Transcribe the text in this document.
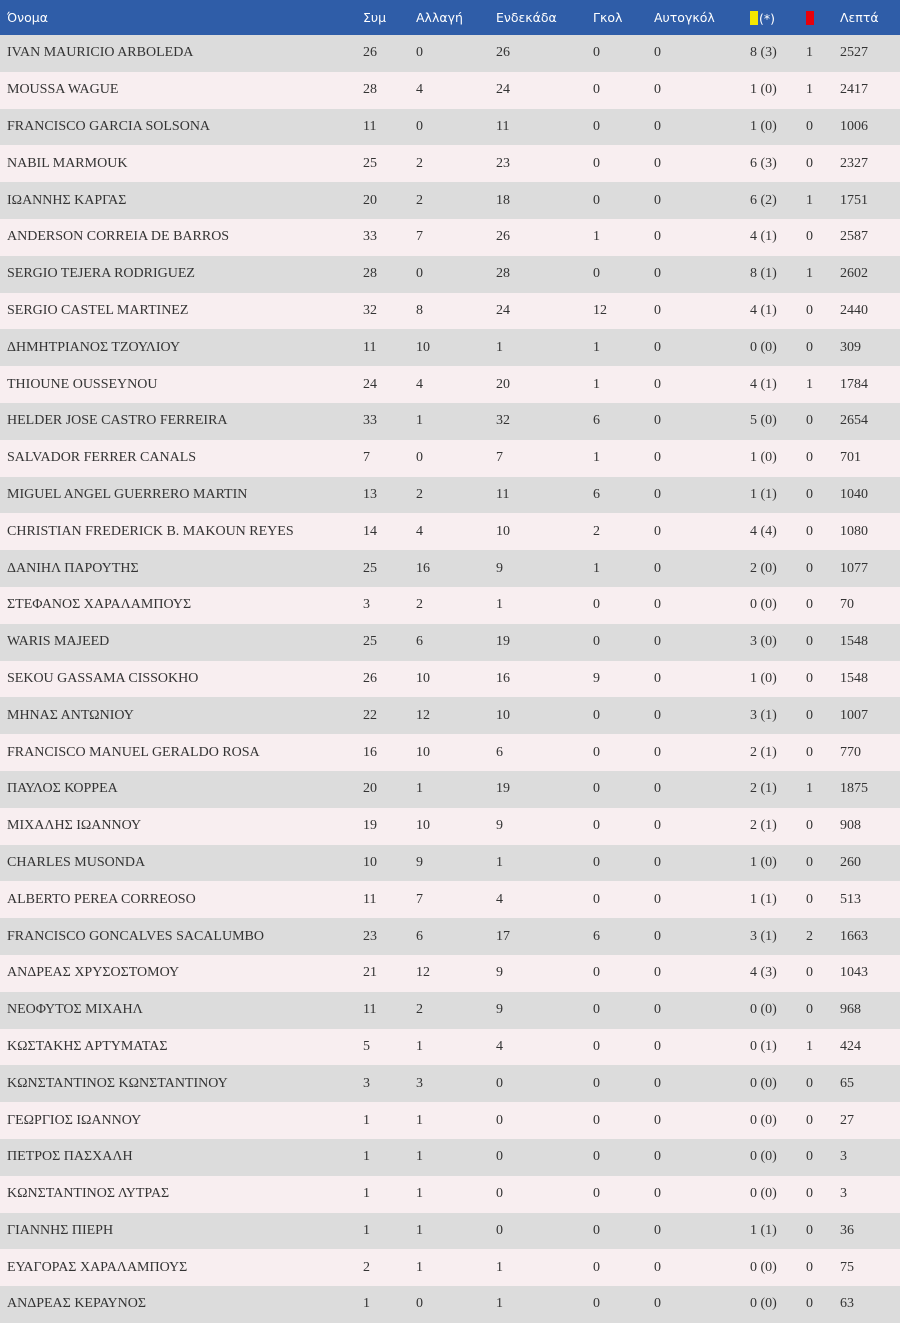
Όνομα	Συμ	Αλλαγή	Ενδεκάδα	Γκολ	Αυτογκόλ	(*)		Λεπτά
IVAN MAURICIO ARBOLEDA	26	0	26	0	0	8 (3)	1	2527
MOUSSA WAGUE	28	4	24	0	0	1 (0)	1	2417
FRANCISCO GARCIA SOLSONA	11	0	11	0	0	1 (0)	0	1006
NABIL MARMOUK	25	2	23	0	0	6 (3)	0	2327
ΙΩΑΝΝΗΣ ΚΑΡΓΑΣ	20	2	18	0	0	6 (2)	1	1751
ANDERSON CORREIA DE BARROS	33	7	26	1	0	4 (1)	0	2587
SERGIO TEJERA RODRIGUEZ	28	0	28	0	0	8 (1)	1	2602
SERGIO CASTEL MARTINEZ	32	8	24	12	0	4 (1)	0	2440
ΔΗΜΗΤΡΙΑΝΟΣ ΤΖΟΥΛΙΟΥ	11	10	1	1	0	0 (0)	0	309
THIOUNE OUSSEYNOU	24	4	20	1	0	4 (1)	1	1784
HELDER JOSE CASTRO FERREIRA	33	1	32	6	0	5 (0)	0	2654
SALVADOR FERRER CANALS	7	0	7	1	0	1 (0)	0	701
MIGUEL ANGEL GUERRERO MARTIN	13	2	11	6	0	1 (1)	0	1040
CHRISTIAN FREDERICK B. MAKOUN REYES	14	4	10	2	0	4 (4)	0	1080
ΔΑΝΙΗΛ ΠΑΡΟΥΤΗΣ	25	16	9	1	0	2 (0)	0	1077
ΣΤΕΦΑΝΟΣ ΧΑΡΑΛΑΜΠΟΥΣ	3	2	1	0	0	0 (0)	0	70
WARIS MAJEED	25	6	19	0	0	3 (0)	0	1548
SEKOU GASSAMA CISSOKHO	26	10	16	9	0	1 (0)	0	1548
ΜΗΝΑΣ ΑΝΤΩΝΙΟΥ	22	12	10	0	0	3 (1)	0	1007
FRANCISCO MANUEL GERALDO ROSA	16	10	6	0	0	2 (1)	0	770
ΠΑΥΛΟΣ ΚΟΡΡΕΑ	20	1	19	0	0	2 (1)	1	1875
ΜΙΧΑΛΗΣ ΙΩΑΝΝΟΥ	19	10	9	0	0	2 (1)	0	908
CHARLES MUSONDA	10	9	1	0	0	1 (0)	0	260
ALBERTO PEREA CORREOSO	11	7	4	0	0	1 (1)	0	513
FRANCISCO GONCALVES SACALUMBO	23	6	17	6	0	3 (1)	2	1663
ΑΝΔΡΕΑΣ ΧΡΥΣΟΣΤΟΜΟΥ	21	12	9	0	0	4 (3)	0	1043
ΝΕΟΦΥΤΟΣ ΜΙΧΑΗΛ	11	2	9	0	0	0 (0)	0	968
ΚΩΣΤΑΚΗΣ ΑΡΤΥΜΑΤΑΣ	5	1	4	0	0	0 (1)	1	424
ΚΩΝΣΤΑΝΤΙΝΟΣ ΚΩΝΣΤΑΝΤΙΝΟΥ	3	3	0	0	0	0 (0)	0	65
ΓΕΩΡΓΙΟΣ ΙΩΑΝΝΟΥ	1	1	0	0	0	0 (0)	0	27
ΠΕΤΡΟΣ ΠΑΣΧΑΛΗ	1	1	0	0	0	0 (0)	0	3
ΚΩΝΣΤΑΝΤΙΝΟΣ ΛΥΤΡΑΣ	1	1	0	0	0	0 (0)	0	3
ΓΙΑΝΝΗΣ ΠΙΕΡΗ	1	1	0	0	0	1 (1)	0	36
ΕΥΑΓΟΡΑΣ ΧΑΡΑΛΑΜΠΟΥΣ	2	1	1	0	0	0 (0)	0	75
ΑΝΔΡΕΑΣ ΚΕΡΑΥΝΟΣ	1	0	1	0	0	0 (0)	0	63
